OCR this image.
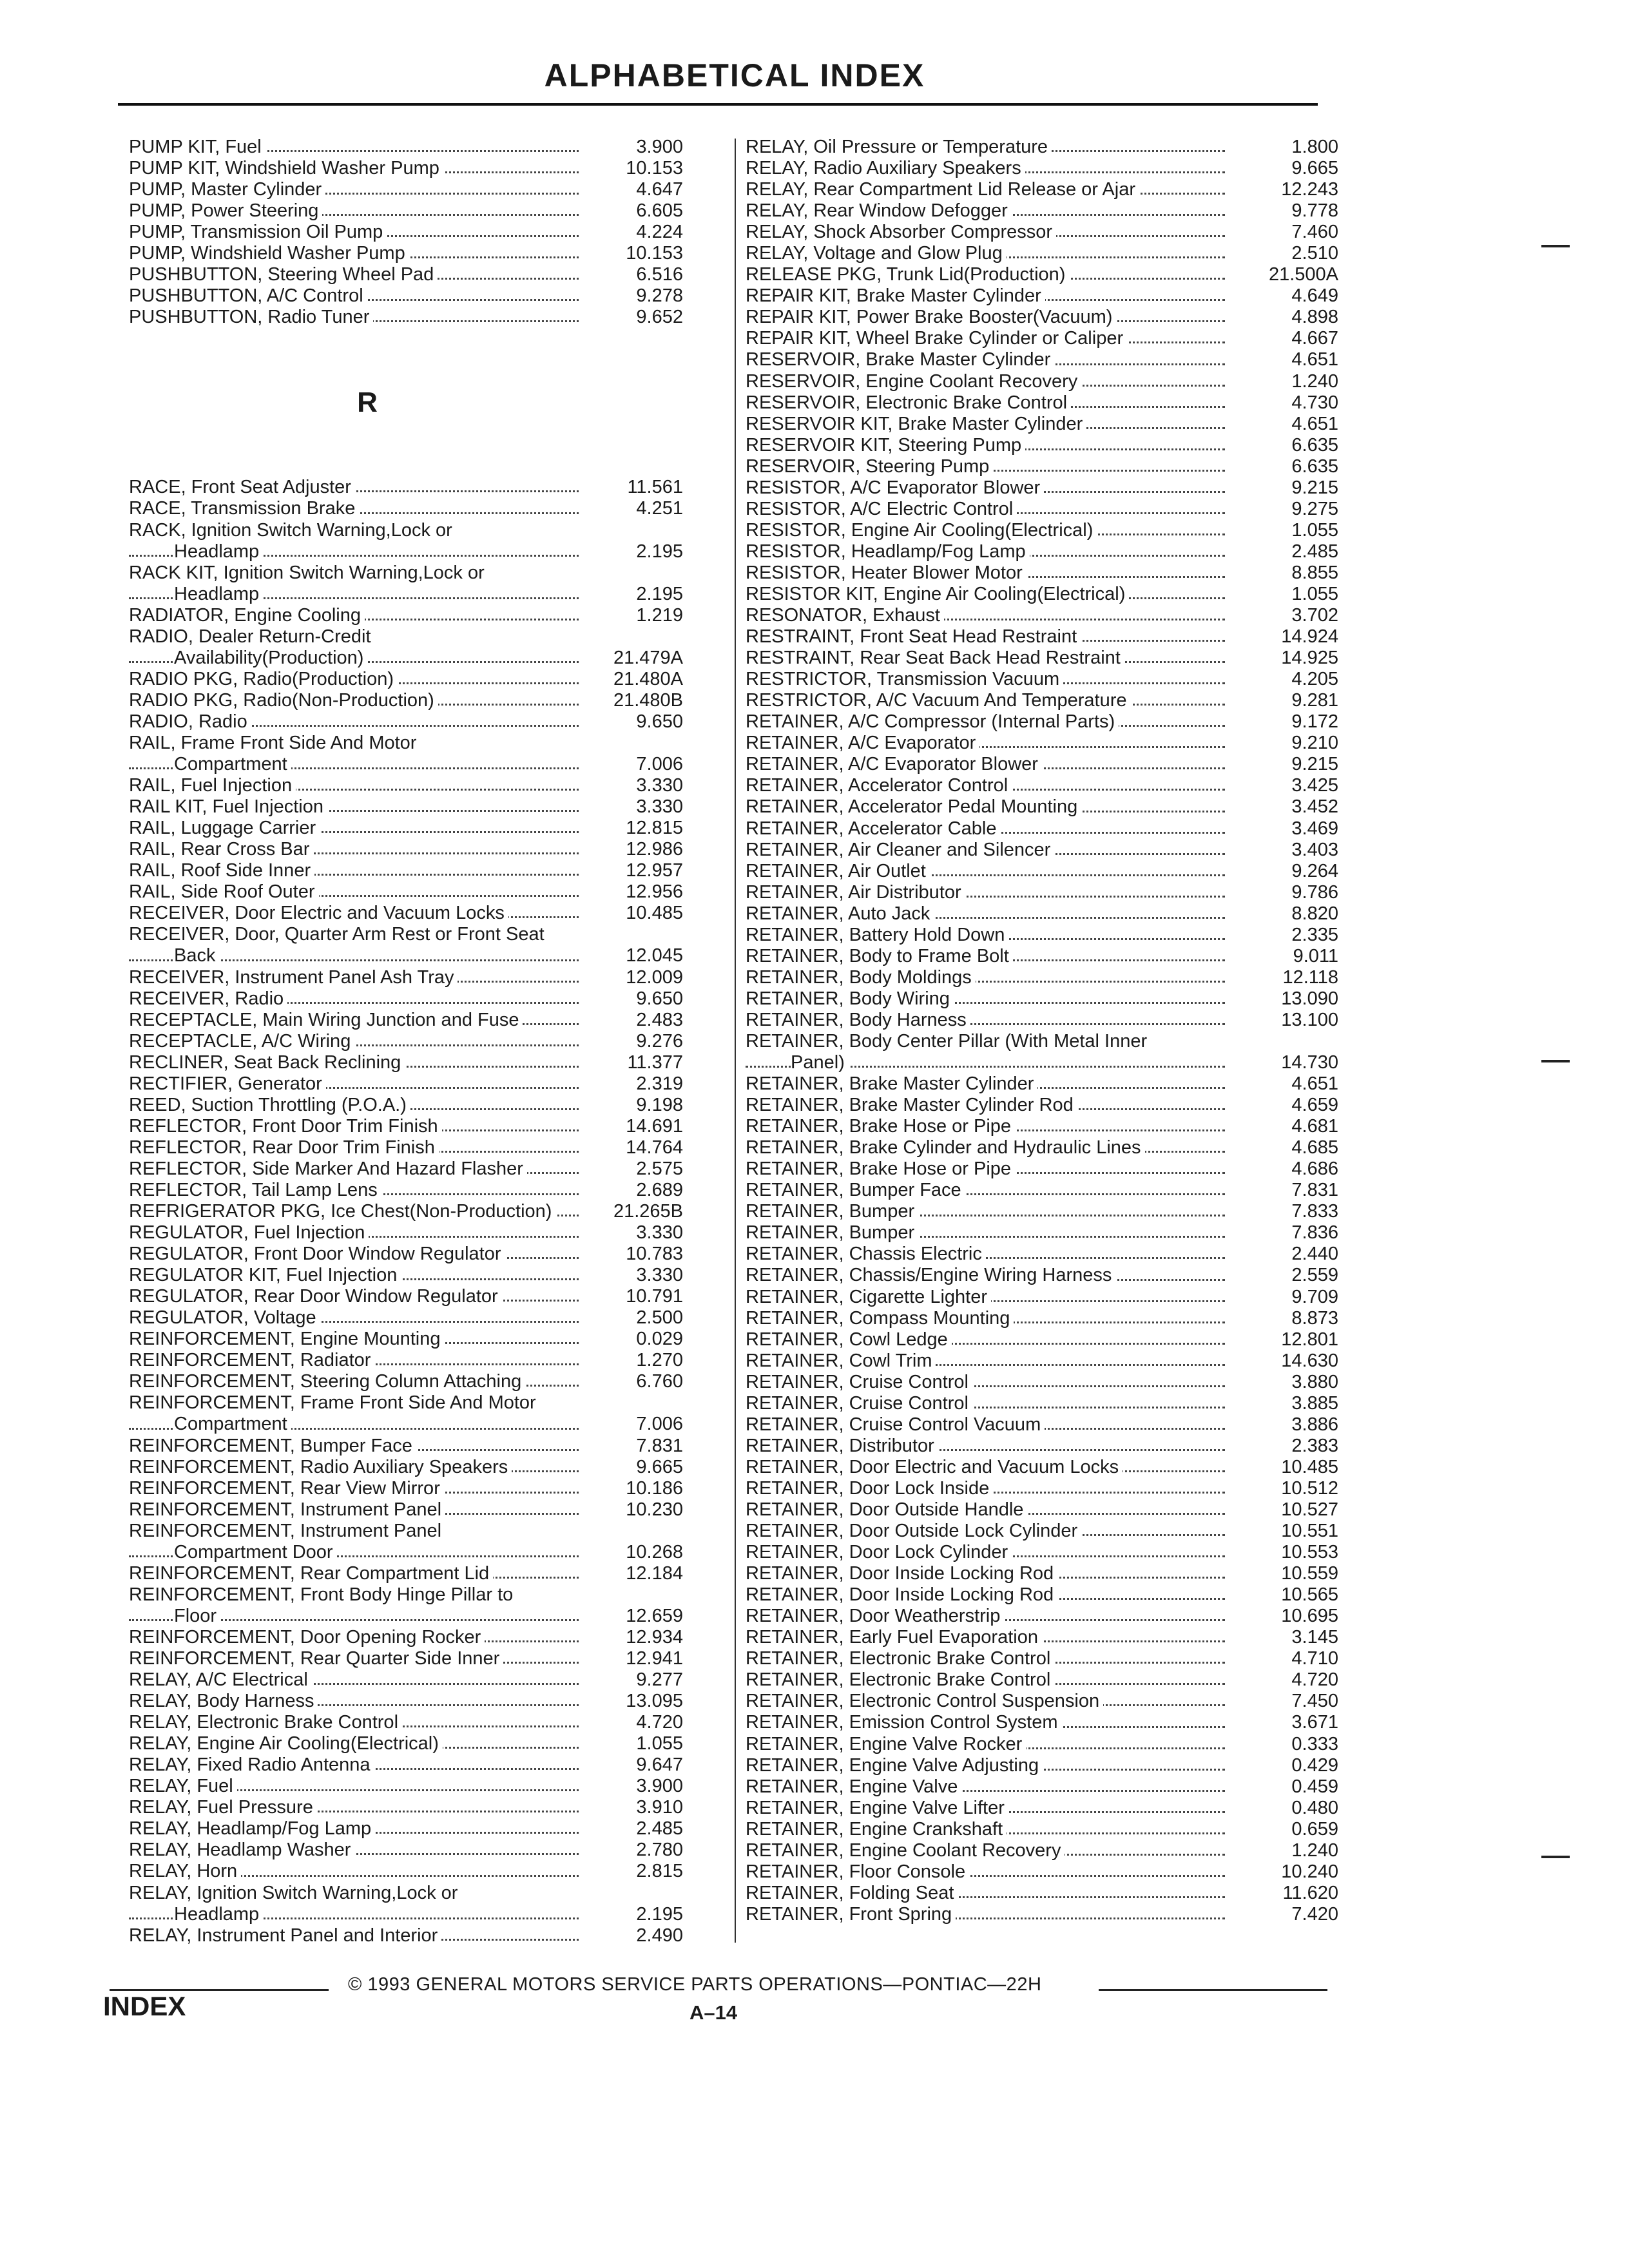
ALPHABETICAL INDEX
PUMP KIT, Fuel	3.900
PUMP KIT, Windshield Washer Pump	10.153
PUMP, Master Cylinder	4.647
PUMP, Power Steering	6.605
PUMP, Transmission Oil Pump	4.224
PUMP, Windshield Washer Pump	10.153
PUSHBUTTON, Steering Wheel Pad	6.516
PUSHBUTTON, A/C Control	9.278
PUSHBUTTON, Radio Tuner	9.652
R
RACE, Front Seat Adjuster	11.561
RACE, Transmission Brake	4.251
RACK, Ignition Switch Warning,Lock or
Headlamp	2.195
RACK KIT, Ignition Switch Warning,Lock or
Headlamp	2.195
RADIATOR, Engine Cooling	1.219
RADIO, Dealer Return-Credit
Availability(Production)	21.479A
RADIO PKG, Radio(Production)	21.480A
RADIO PKG, Radio(Non-Production)	21.480B
RADIO, Radio	9.650
RAIL, Frame Front Side And Motor
Compartment	7.006
RAIL, Fuel Injection	3.330
RAIL KIT, Fuel Injection	3.330
RAIL, Luggage Carrier	12.815
RAIL, Rear Cross Bar	12.986
RAIL, Roof Side Inner	12.957
RAIL, Side Roof Outer	12.956
RECEIVER, Door Electric and Vacuum Locks	10.485
RECEIVER, Door, Quarter Arm Rest or Front Seat
Back	12.045
RECEIVER, Instrument Panel Ash Tray	12.009
RECEIVER, Radio	9.650
RECEPTACLE, Main Wiring Junction and Fuse	2.483
RECEPTACLE, A/C Wiring	9.276
RECLINER, Seat Back Reclining	11.377
RECTIFIER, Generator	2.319
REED, Suction Throttling (P.O.A.)	9.198
REFLECTOR, Front Door Trim Finish	14.691
REFLECTOR, Rear Door Trim Finish	14.764
REFLECTOR, Side Marker And Hazard Flasher	2.575
REFLECTOR, Tail Lamp Lens	2.689
REFRIGERATOR PKG, Ice Chest(Non-Production)	21.265B
REGULATOR, Fuel Injection	3.330
REGULATOR, Front Door Window Regulator	10.783
REGULATOR KIT, Fuel Injection	3.330
REGULATOR, Rear Door Window Regulator	10.791
REGULATOR, Voltage	2.500
REINFORCEMENT, Engine Mounting	0.029
REINFORCEMENT, Radiator	1.270
REINFORCEMENT, Steering Column Attaching	6.760
REINFORCEMENT, Frame Front Side And Motor
Compartment	7.006
REINFORCEMENT, Bumper Face	7.831
REINFORCEMENT, Radio Auxiliary Speakers	9.665
REINFORCEMENT, Rear View Mirror	10.186
REINFORCEMENT, Instrument Panel	10.230
REINFORCEMENT, Instrument Panel
Compartment Door	10.268
REINFORCEMENT, Rear Compartment Lid	12.184
REINFORCEMENT, Front Body Hinge Pillar to
Floor	12.659
REINFORCEMENT, Door Opening Rocker	12.934
REINFORCEMENT, Rear Quarter Side Inner	12.941
RELAY, A/C Electrical	9.277
RELAY, Body Harness	13.095
RELAY, Electronic Brake Control	4.720
RELAY, Engine Air Cooling(Electrical)	1.055
RELAY, Fixed Radio Antenna	9.647
RELAY, Fuel	3.900
RELAY, Fuel Pressure	3.910
RELAY, Headlamp/Fog Lamp	2.485
RELAY, Headlamp Washer	2.780
RELAY, Horn	2.815
RELAY, Ignition Switch Warning,Lock or
Headlamp	2.195
RELAY, Instrument Panel and Interior	2.490
RELAY, Oil Pressure or Temperature	1.800
RELAY, Radio Auxiliary Speakers	9.665
RELAY, Rear Compartment Lid Release or Ajar	12.243
RELAY, Rear Window Defogger	9.778
RELAY, Shock Absorber Compressor	7.460
RELAY, Voltage and Glow Plug	2.510
RELEASE PKG, Trunk Lid(Production)	21.500A
REPAIR KIT, Brake Master Cylinder	4.649
REPAIR KIT, Power Brake Booster(Vacuum)	4.898
REPAIR KIT, Wheel Brake Cylinder or Caliper	4.667
RESERVOIR, Brake Master Cylinder	4.651
RESERVOIR, Engine Coolant Recovery	1.240
RESERVOIR, Electronic Brake Control	4.730
RESERVOIR KIT, Brake Master Cylinder	4.651
RESERVOIR KIT, Steering Pump	6.635
RESERVOIR, Steering Pump	6.635
RESISTOR, A/C Evaporator Blower	9.215
RESISTOR, A/C Electric Control	9.275
RESISTOR, Engine Air Cooling(Electrical)	1.055
RESISTOR, Headlamp/Fog Lamp	2.485
RESISTOR, Heater Blower Motor	8.855
RESISTOR KIT, Engine Air Cooling(Electrical)	1.055
RESONATOR, Exhaust	3.702
RESTRAINT, Front Seat Head Restraint	14.924
RESTRAINT, Rear Seat Back Head Restraint	14.925
RESTRICTOR, Transmission Vacuum	4.205
RESTRICTOR, A/C Vacuum And Temperature	9.281
RETAINER, A/C Compressor (Internal Parts)	9.172
RETAINER, A/C Evaporator	9.210
RETAINER, A/C Evaporator Blower	9.215
RETAINER, Accelerator Control	3.425
RETAINER, Accelerator Pedal Mounting	3.452
RETAINER, Accelerator Cable	3.469
RETAINER, Air Cleaner and Silencer	3.403
RETAINER, Air Outlet	9.264
RETAINER, Air Distributor	9.786
RETAINER, Auto Jack	8.820
RETAINER, Battery Hold Down	2.335
RETAINER, Body to Frame Bolt	9.011
RETAINER, Body Moldings	12.118
RETAINER, Body Wiring	13.090
RETAINER, Body Harness	13.100
RETAINER, Body Center Pillar (With Metal Inner
Panel)	14.730
RETAINER, Brake Master Cylinder	4.651
RETAINER, Brake Master Cylinder Rod	4.659
RETAINER, Brake Hose or Pipe	4.681
RETAINER, Brake Cylinder and Hydraulic Lines	4.685
RETAINER, Brake Hose or Pipe	4.686
RETAINER, Bumper Face	7.831
RETAINER, Bumper	7.833
RETAINER, Bumper	7.836
RETAINER, Chassis Electric	2.440
RETAINER, Chassis/Engine Wiring Harness	2.559
RETAINER, Cigarette Lighter	9.709
RETAINER, Compass Mounting	8.873
RETAINER, Cowl Ledge	12.801
RETAINER, Cowl Trim	14.630
RETAINER, Cruise Control	3.880
RETAINER, Cruise Control	3.885
RETAINER, Cruise Control Vacuum	3.886
RETAINER, Distributor	2.383
RETAINER, Door Electric and Vacuum Locks	10.485
RETAINER, Door Lock Inside	10.512
RETAINER, Door Outside Handle	10.527
RETAINER, Door Outside Lock Cylinder	10.551
RETAINER, Door Lock Cylinder	10.553
RETAINER, Door Inside Locking Rod	10.559
RETAINER, Door Inside Locking Rod	10.565
RETAINER, Door Weatherstrip	10.695
RETAINER, Early Fuel Evaporation	3.145
RETAINER, Electronic Brake Control	4.710
RETAINER, Electronic Brake Control	4.720
RETAINER, Electronic Control Suspension	7.450
RETAINER, Emission Control System	3.671
RETAINER, Engine Valve Rocker	0.333
RETAINER, Engine Valve Adjusting	0.429
RETAINER, Engine Valve	0.459
RETAINER, Engine Valve Lifter	0.480
RETAINER, Engine Crankshaft	0.659
RETAINER, Engine Coolant Recovery	1.240
RETAINER, Floor Console	10.240
RETAINER, Folding Seat	11.620
RETAINER, Front Spring	7.420
© 1993 GENERAL MOTORS SERVICE PARTS OPERATIONS—PONTIAC—22H
INDEX	A–14
